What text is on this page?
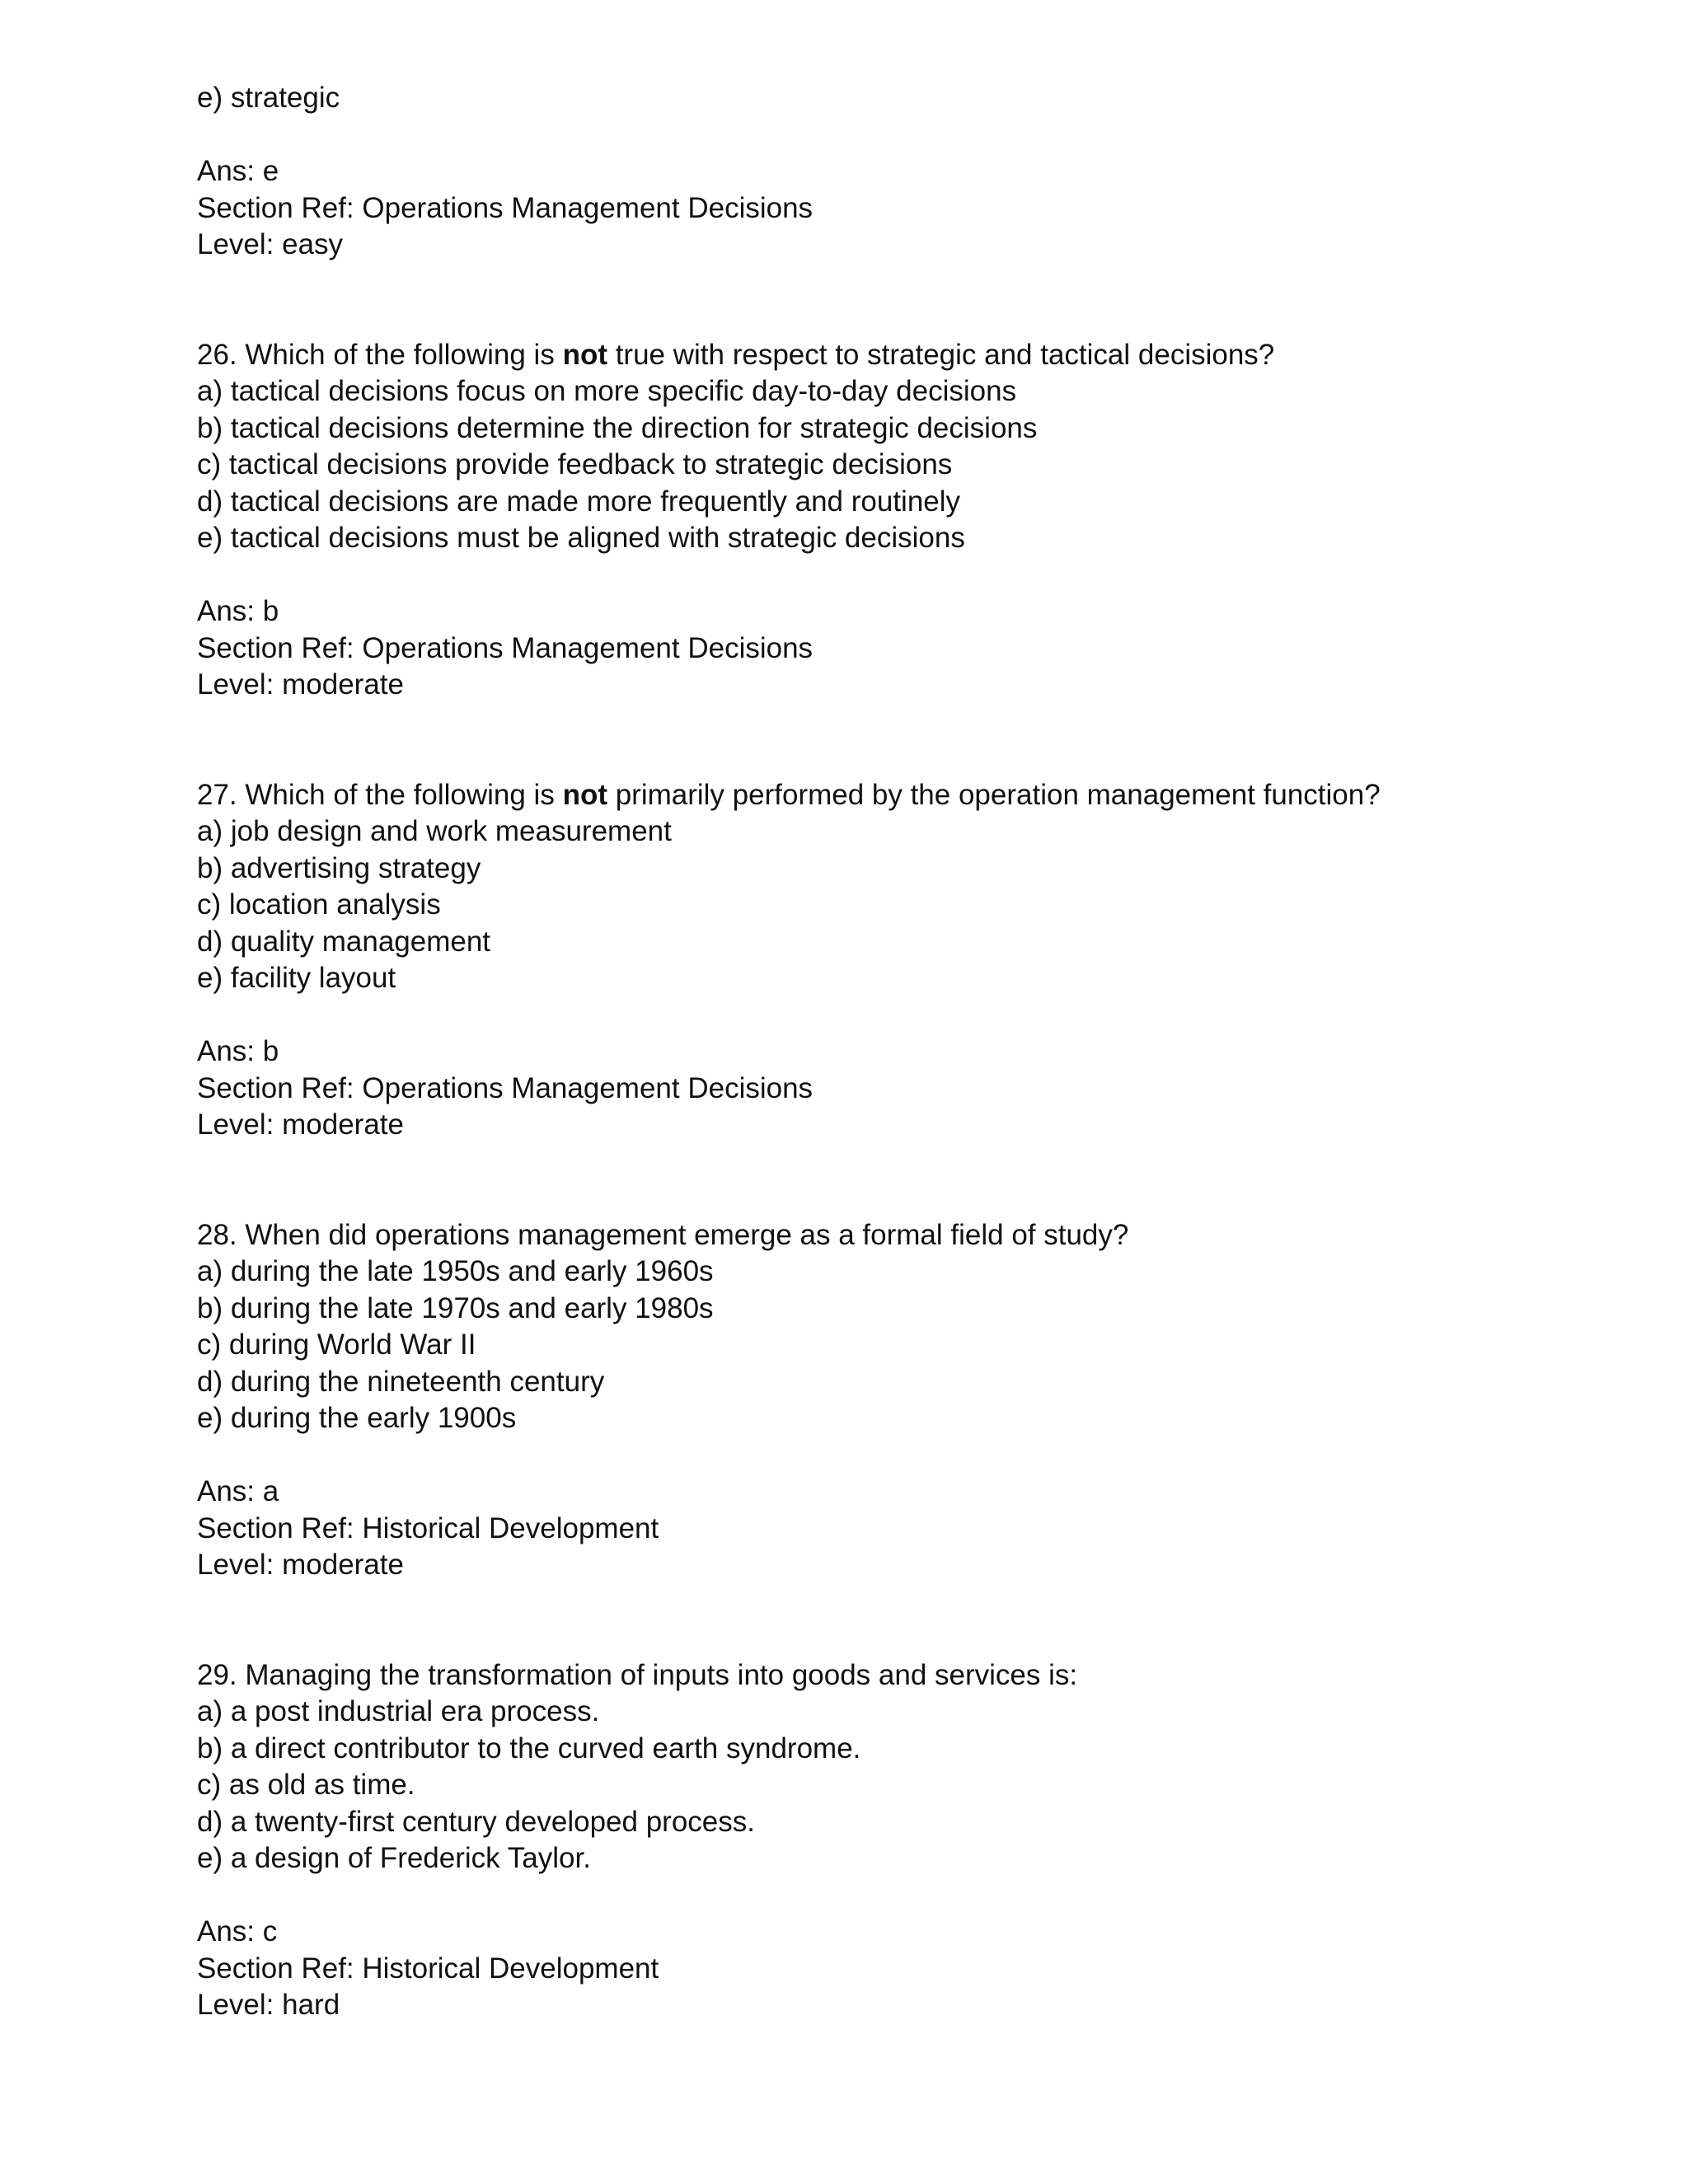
e) strategic
Ans: e
Section Ref: Operations Management Decisions
Level: easy
26. Which of the following is not true with respect to strategic and tactical decisions?
a) tactical decisions focus on more specific day-to-day decisions
b) tactical decisions determine the direction for strategic decisions
c) tactical decisions provide feedback to strategic decisions
d) tactical decisions are made more frequently and routinely
e) tactical decisions must be aligned with strategic decisions
Ans: b
Section Ref: Operations Management Decisions
Level: moderate
27. Which of the following is not primarily performed by the operation management function?
a) job design and work measurement
b) advertising strategy
c) location analysis
d) quality management
e) facility layout
Ans: b
Section Ref: Operations Management Decisions
Level: moderate
28. When did operations management emerge as a formal field of study?
a) during the late 1950s and early 1960s
b) during the late 1970s and early 1980s
c) during World War II
d) during the nineteenth century
e) during the early 1900s
Ans: a
Section Ref: Historical Development
Level: moderate
29. Managing the transformation of inputs into goods and services is:
a) a post industrial era process.
b) a direct contributor to the curved earth syndrome.
c) as old as time.
d) a twenty-first century developed process.
e) a design of Frederick Taylor.
Ans: c
Section Ref: Historical Development
Level: hard
